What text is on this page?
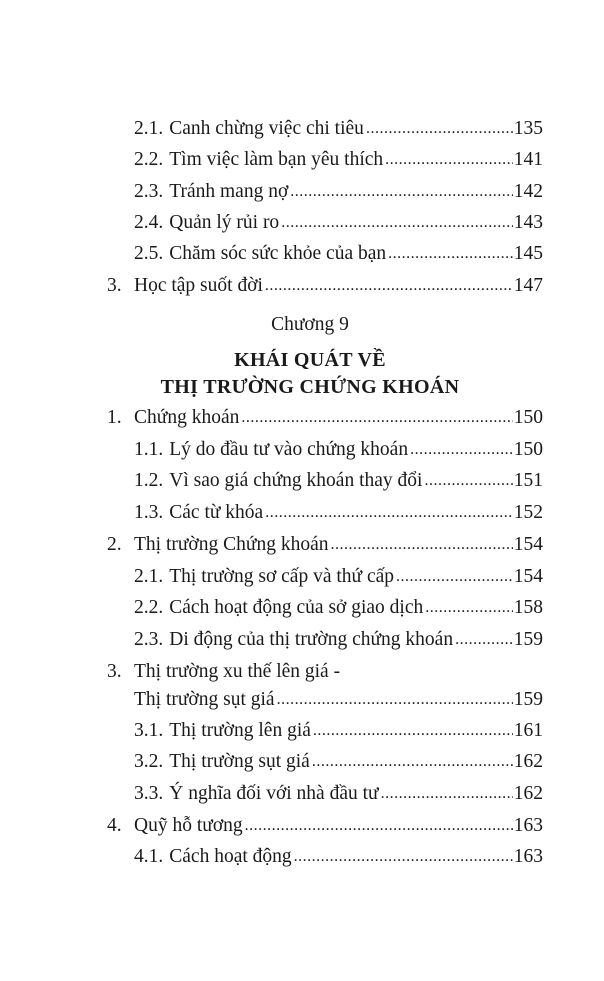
2.1. Canh chừng việc chi tiêu .....	135
2.2. Tìm việc làm bạn yêu thích .....	141
2.3. Tránh mang nợ .....	142
2.4. Quản lý rủi ro .....	143
2.5. Chăm sóc sức khỏe của bạn .....	145
3. Học tập suốt đời .....	147
Chương 9
KHÁI QUÁT VỀ
THỊ TRƯỜNG CHỨNG KHOÁN
1. Chứng khoán .....	150
1.1. Lý do đầu tư vào chứng khoán .....	150
1.2. Vì sao giá chứng khoán thay đổi .....	151
1.3. Các từ khóa .....	152
2. Thị trường Chứng khoán .....	154
2.1. Thị trường sơ cấp và thứ cấp .....	154
2.2. Cách hoạt động của sở giao dịch .....	158
2.3. Di động của thị trường chứng khoán .....	159
3. Thị trường xu thế lên giá -
Thị trường sụt giá .....	159
3.1. Thị trường lên giá .....	161
3.2. Thị trường sụt giá .....	162
3.3. Ý nghĩa đối với nhà đầu tư .....	162
4. Quỹ hỗ tương .....	163
4.1. Cách hoạt động .....	163
